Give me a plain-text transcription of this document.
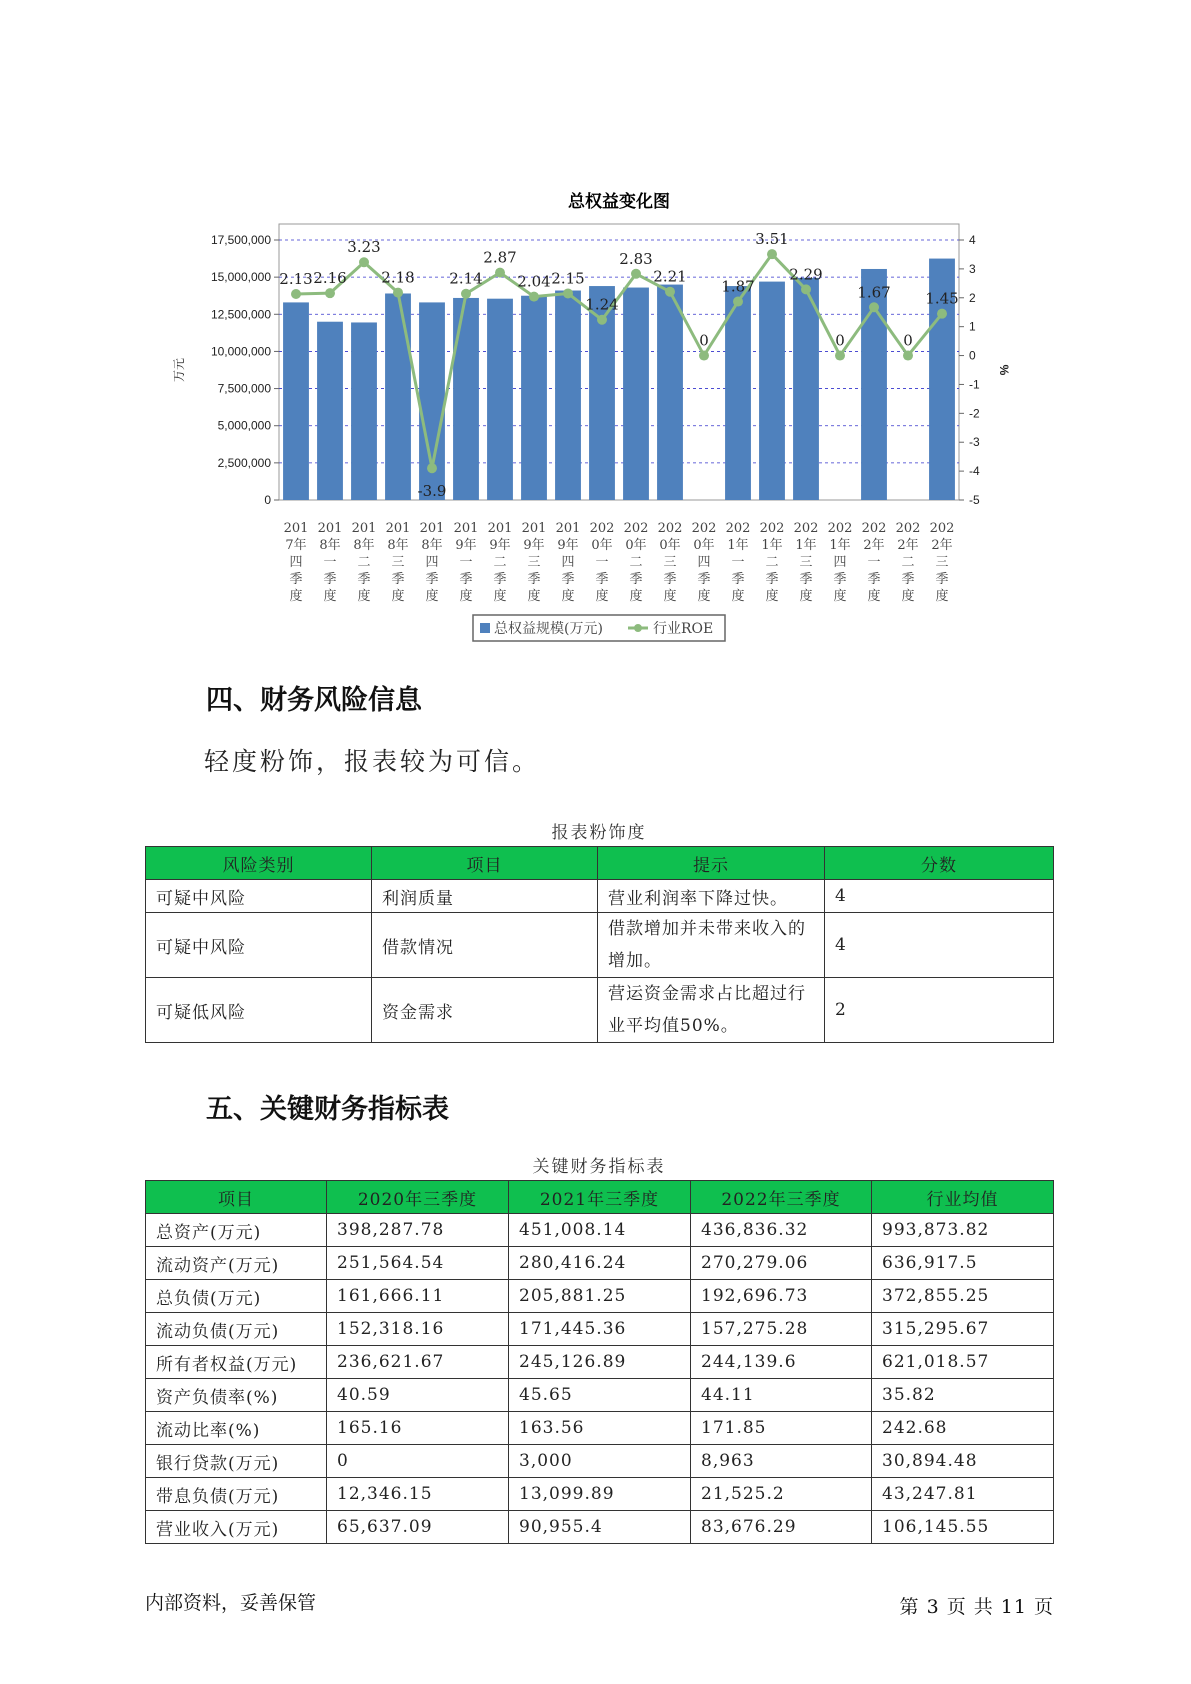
总权益变化图
0
2,500,000
5,000,000
7,500,000
10,000,000
12,500,000
15,000,000
17,500,000
-5
-4
-3
-2
-1
0
1
2
3
4
万元	%
2.13 2.16
3.23
2.18
-3.9
2.14
2.87
2.04 2.15
1.24
2.83
2.21
0
1.87
3.51
2.29
0
1.67
0
1.45
201
7年
四
季
度
201
8年
一
季
度
201
8年
二
季
度
201
8年
三
季
度
201
8年
四
季
度
201
9年
一
季
度
201
9年
二
季
度
201
9年
三
季
度
201
9年
四
季
度
202
0年
一
季
度
202
0年
二
季
度
202
0年
三
季
度
202
0年
四
季
度
202
1年
一
季
度
202
1年
二
季
度
202
1年
三
季
度
202
1年
四
季
度
202
2年
一
季
度
202
2年
二
季
度
202
2年
三
季
度
总权益规模(万元)	行业ROE
四、财务风险信息

轻度粉饰，报表较为可信。

报表粉饰度
风险类别	项目	提示	分数
可疑中风险	利润质量	营业利润率下降过快。	4
可疑中风险	借款情况	借款增加并未带来收入的增加。	4
可疑低风险	资金需求	营运资金需求占比超过行业平均值50%。	2
五、关键财务指标表
关键财务指标表
项目	2020年三季度	2021年三季度	2022年三季度	行业均值
总资产(万元)	398,287.78	451,008.14	436,836.32	993,873.82
流动资产(万元)	251,564.54	280,416.24	270,279.06	636,917.5
总负债(万元)	161,666.11	205,881.25	192,696.73	372,855.25
流动负债(万元)	152,318.16	171,445.36	157,275.28	315,295.67
所有者权益(万元)	236,621.67	245,126.89	244,139.6	621,018.57
资产负债率(%)	40.59	45.65	44.11	35.82
流动比率(%)	165.16	163.56	171.85	242.68
银行贷款(万元)	0	3,000	8,963	30,894.48
带息负债(万元)	12,346.15	13,099.89	21,525.2	43,247.81
营业收入(万元)	65,637.09	90,955.4	83,676.29	106,145.55
内部资料，妥善保管	第 3 页 共 11 页
